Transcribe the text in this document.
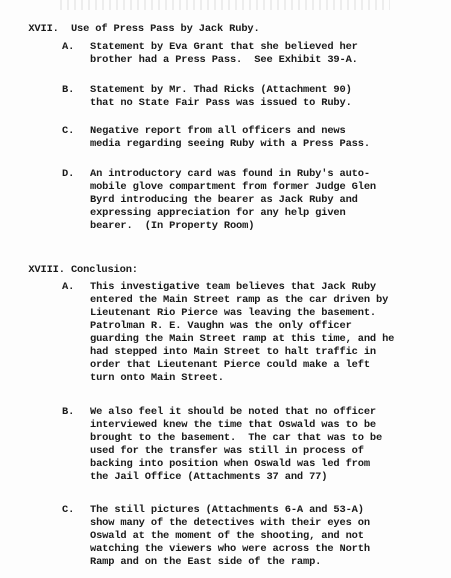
XVII. Use of Press Pass by Jack Ruby.

A. Statement by Eva Grant that she believed her
brother had a Press Pass.  See Exhibit 39-A.
B. Statement by Mr. Thad Ricks (Attachment 90)
that no State Fair Pass was issued to Ruby.
C. Negative report from all officers and news
media regarding seeing Ruby with a Press Pass.
D. An introductory card was found in Ruby's auto-
mobile glove compartment from former Judge Glen
Byrd introducing the bearer as Jack Ruby and
expressing appreciation for any help given
bearer.  (In Property Room)

XVIII. Conclusion:

A. This investigative team believes that Jack Ruby
entered the Main Street ramp as the car driven by
Lieutenant Rio Pierce was leaving the basement.
Patrolman R. E. Vaughn was the only officer
guarding the Main Street ramp at this time, and he
had stepped into Main Street to halt traffic in
order that Lieutenant Pierce could make a left
turn onto Main Street.
B. We also feel it should be noted that no officer
interviewed knew the time that Oswald was to be
brought to the basement.  The car that was to be
used for the transfer was still in process of
backing into position when Oswald was led from
the Jail Office (Attachments 37 and 77)
C. The still pictures (Attachments 6-A and 53-A)
show many of the detectives with their eyes on
Oswald at the moment of the shooting, and not
watching the viewers who were across the North
Ramp and on the East side of the ramp.
